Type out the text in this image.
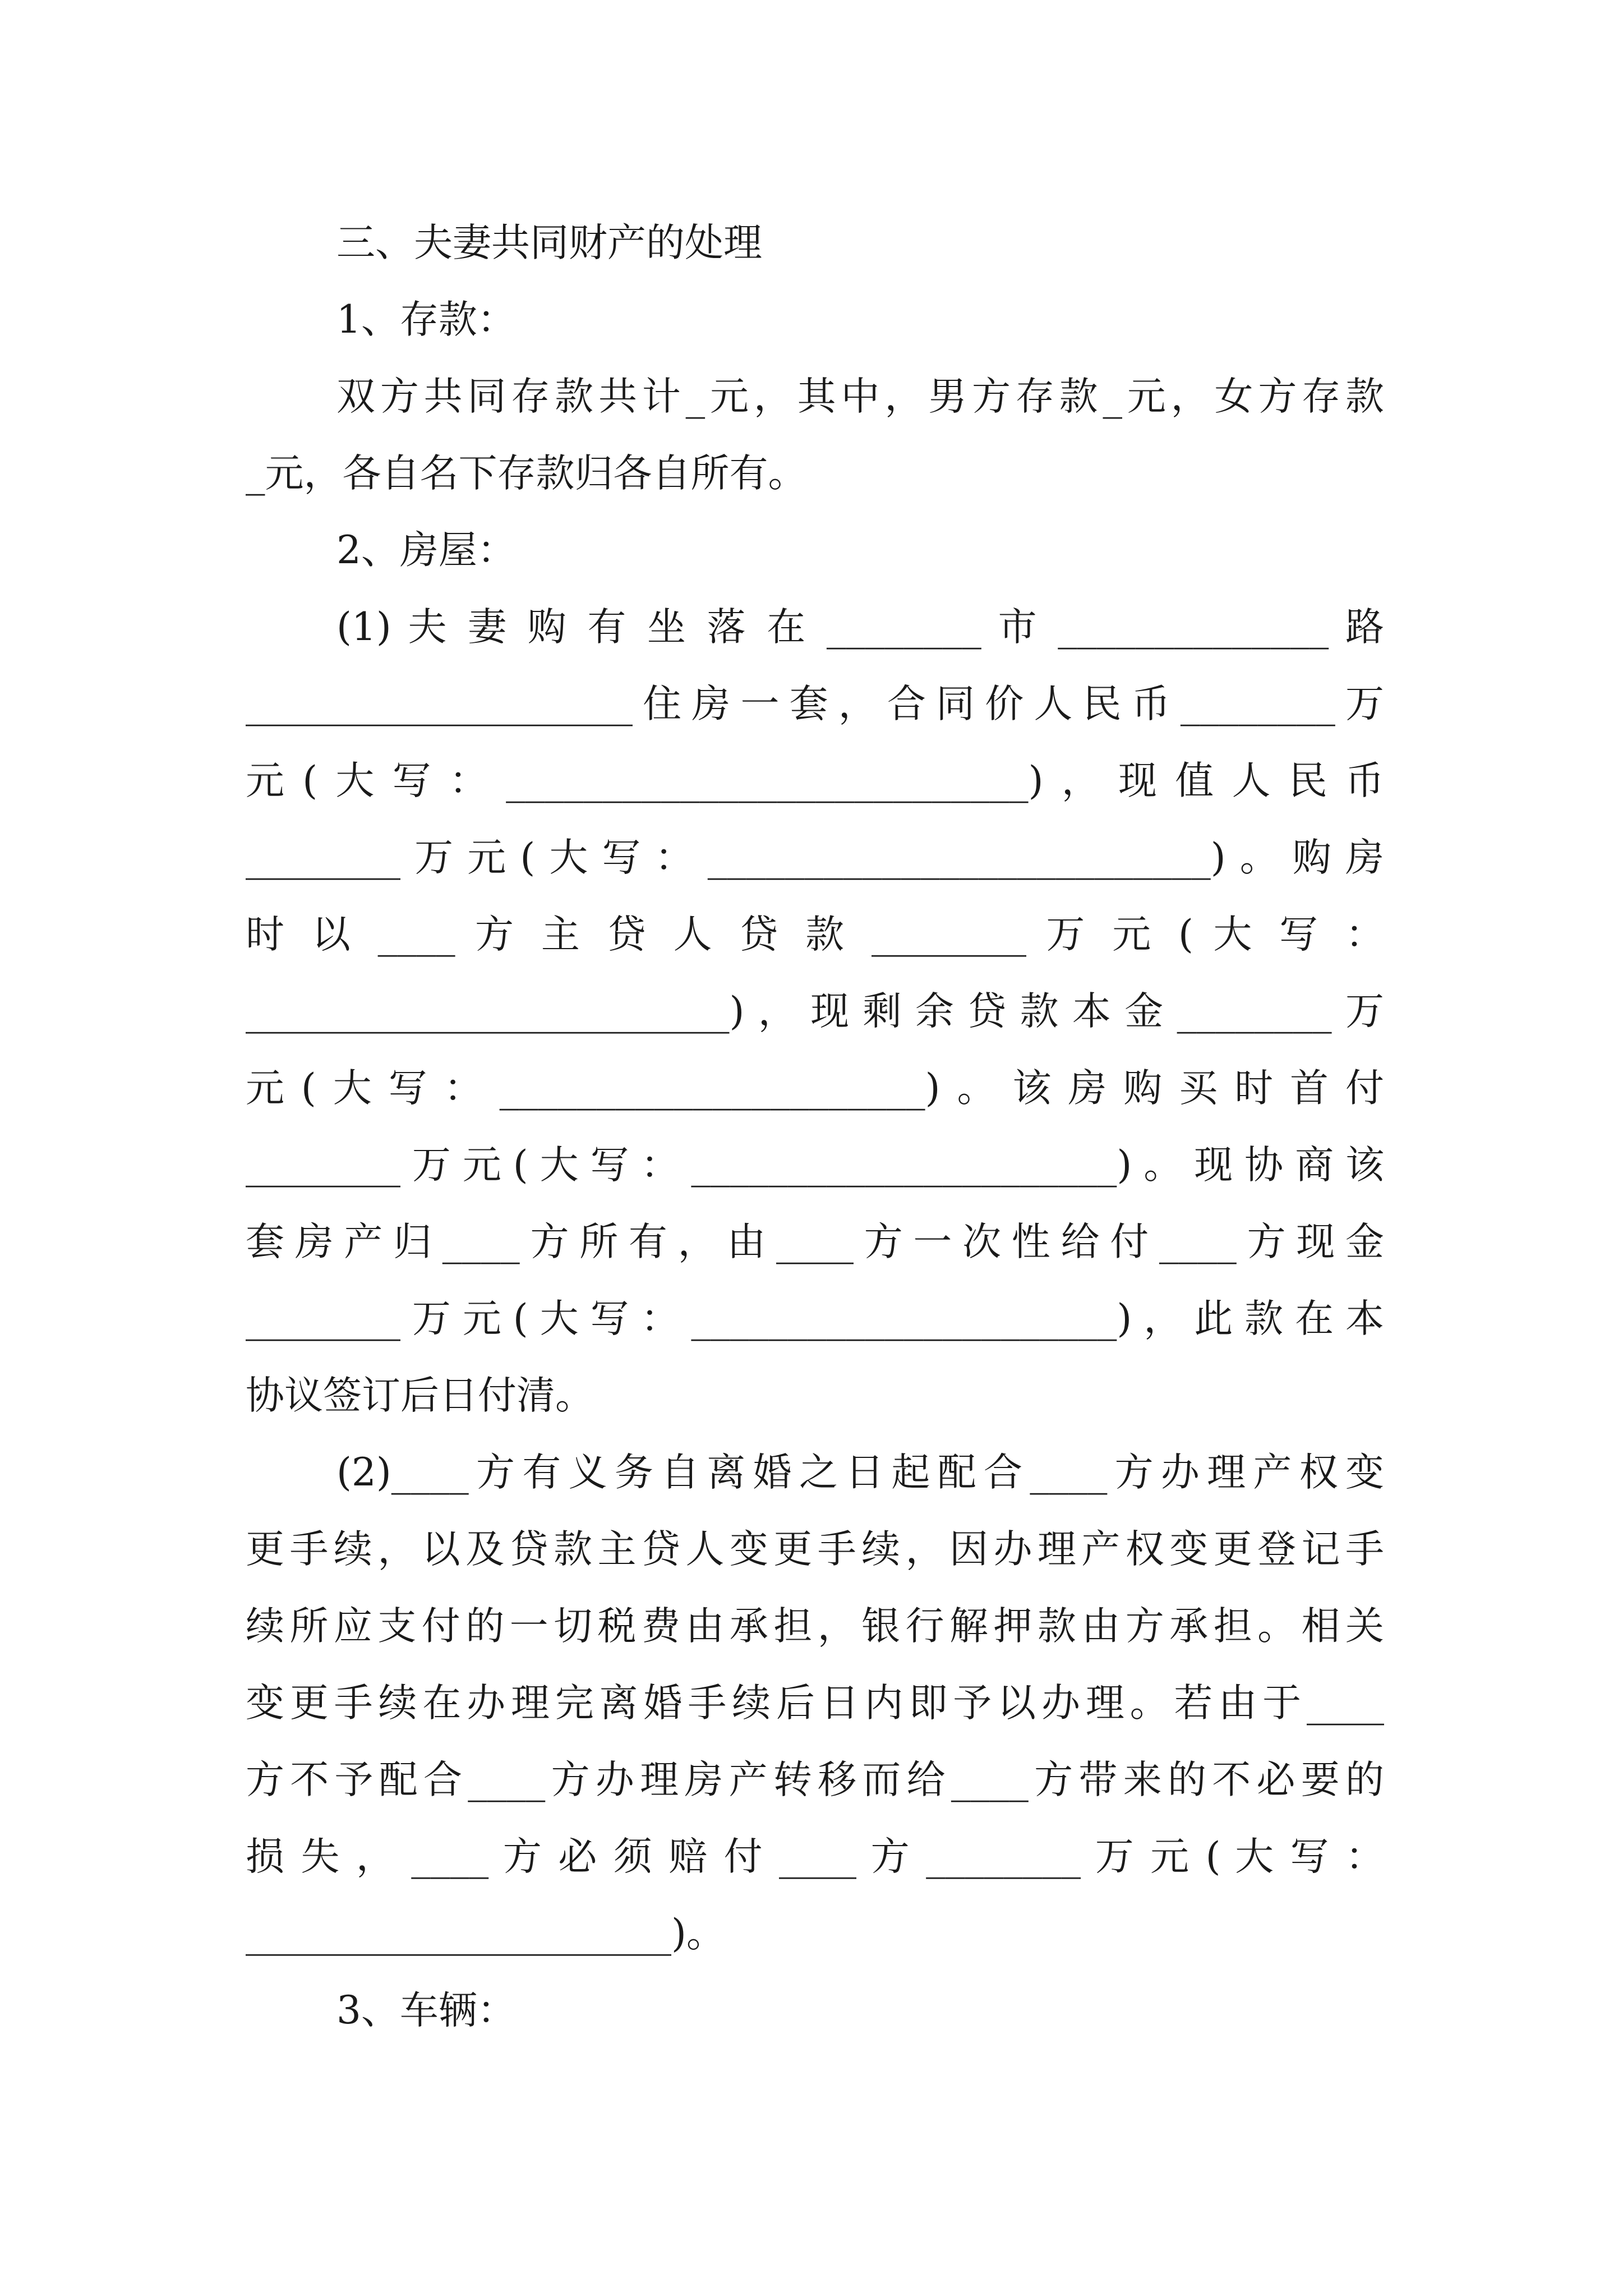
三、夫妻共同财产的处理
1、存款：
双方共同存款共计_元，其中，男方存款_元，女方存款
_元，各自名下存款归各自所有。
2、房屋：
(1) 夫 妻 购 有 坐 落 在 ________ 市 ______________ 路
____________________住房一套，合同价人民币________万
元(大写：___________________________)，现值人民币
________万元(大写：__________________________)。购房
时 以 ____ 方 主 贷 人 贷 款 ________ 万 元 ( 大 写 ：
_________________________)，现剩余贷款本金________万
元(大写：______________________)。该房购买时首付
________万元(大写：______________________)。现协商该
套房产归____方所有，由____方一次性给付____方现金
________万元(大写：______________________)，此款在本
协议签订后日付清。
(2)____方有义务自离婚之日起配合____方办理产权变
更手续，以及贷款主贷人变更手续，因办理产权变更登记手
续所应支付的一切税费由承担，银行解押款由方承担。相关
变更手续在办理完离婚手续后日内即予以办理。若由于____
方不予配合____方办理房产转移而给____方带来的不必要的
损 失 ， ____ 方 必 须 赔 付 ____ 方 ________ 万 元 ( 大 写 ：
______________________)。
3、车辆：
